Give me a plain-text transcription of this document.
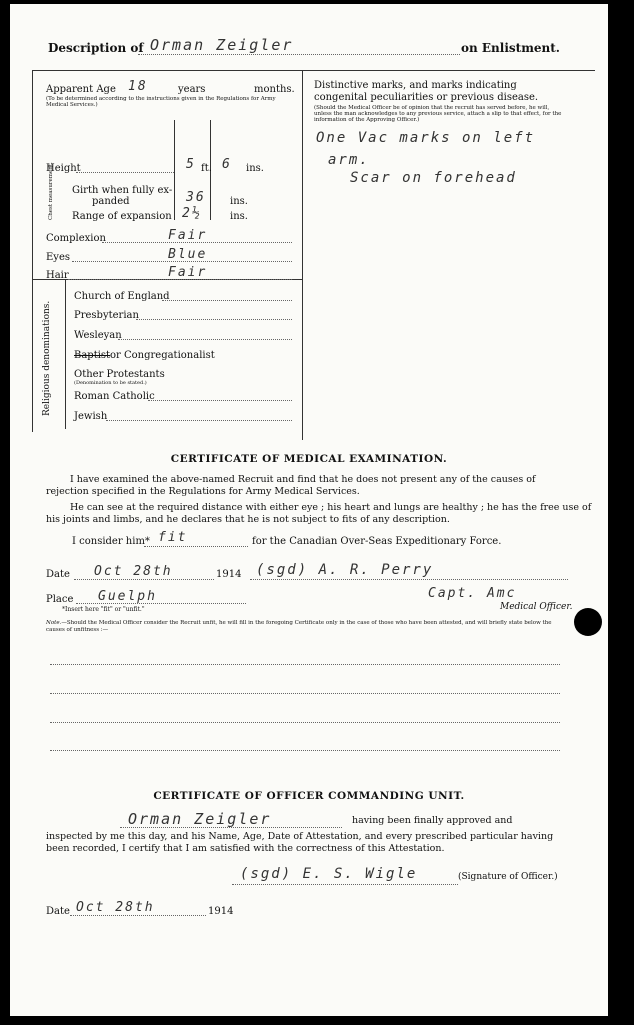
Description of Orman Zeigler	on Enlistment.
Apparent Age 18	years	months.
(To be determined according to the instructions given in the Regulations for Army Medical Services.)
Height	5 ft. 6 ins.
Chest measurement. Girth when fully ex-
panded	36 ins.
Range of expansion 2½	ins.
Complexion	Fair
Eyes	Blue
Hair	Fair
Religious denominations.
Church of England
Presbyterian
Wesleyan
Baptist or Congregationalist
Other Protestants
(Denomination to be stated.)
Roman Catholic
Jewish
Distinctive marks, and marks indicating congenital peculiarities or previous disease.
(Should the Medical Officer be of opinion that the recruit has served before, he will, unless the man acknowledges to any previous service, attach a slip to that effect, for the information of the Approving Officer.)
One Vac marks on left
arm.
Scar on forehead
CERTIFICATE OF MEDICAL EXAMINATION.
I have examined the above-named Recruit and find that he does not present any of the causes of rejection specified in the Regulations for Army Medical Services.
He can see at the required distance with either eye ; his heart and lungs are healthy ; he has the free use of his joints and limbs, and he declares that he is not subject to fits of any description.
I consider him* fit	for the Canadian Over-Seas Expeditionary Force.
Date Oct 28th	1914 (sgd) A. R. Perry
Place Guelph	Capt. Amc
*Insert here "fit" or "unfit."	Medical Officer.
Note.—Should the Medical Officer consider the Recruit unfit, he will fill in the foregoing Certificate only in the case of those who have been attested, and will briefly state below the causes of unfitness :—
CERTIFICATE OF OFFICER COMMANDING UNIT.
Orman Zeigler	having been finally approved and
inspected by me this day, and his Name, Age, Date of Attestation, and every prescribed particular having been recorded, I certify that I am satisfied with the correctness of this Attestation.
(sgd) E. S. Wigle	(Signature of Officer.)
Date Oct 28th	1914
